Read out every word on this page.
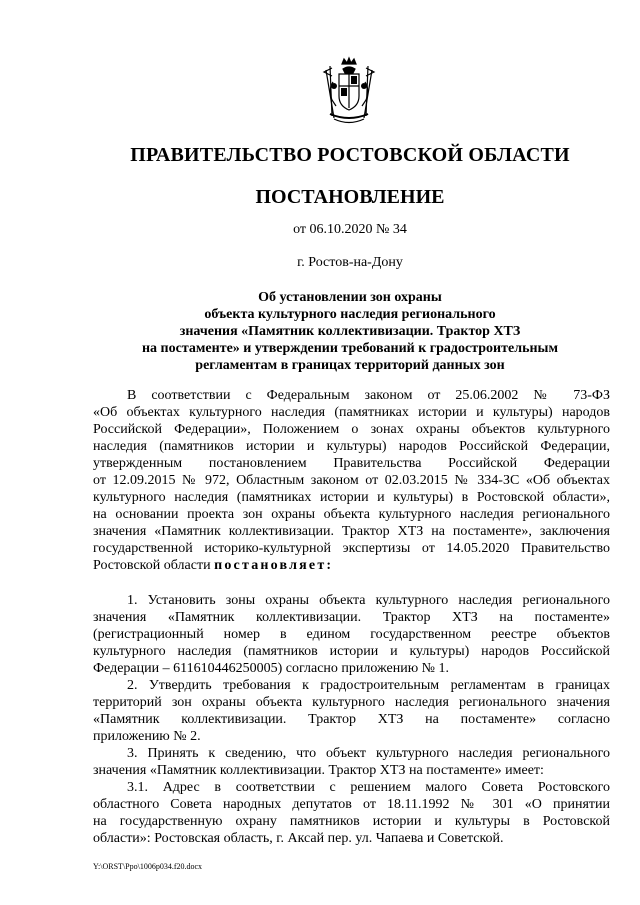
ПРАВИТЕЛЬСТВО РОСТОВСКОЙ ОБЛАСТИ
ПОСТАНОВЛЕНИЕ
от 06.10.2020 № 34
г. Ростов-на-Дону
Об установлении зон охраны
объекта культурного наследия регионального
значения «Памятник коллективизации. Трактор ХТЗ
на постаменте» и утверждении требований к градостроительным
регламентам в границах территорий данных зон
В соответствии с Федеральным законом от 25.06.2002 № 73-ФЗ
«Об объектах культурного наследия (памятниках истории и культуры) народов
Российской Федерации», Положением о зонах охраны объектов культурного
наследия (памятников истории и культуры) народов Российской Федерации,
утвержденным постановлением Правительства Российской Федерации
от 12.09.2015 № 972, Областным законом от 02.03.2015 № 334-ЗС «Об объектах
культурного наследия (памятниках истории и культуры) в Ростовской области»,
на основании проекта зон охраны объекта культурного наследия регионального
значения «Памятник коллективизации. Трактор ХТЗ на постаменте», заключения
государственной историко-культурной экспертизы от 14.05.2020 Правительство
Ростовской области постановляет:
1. Установить зоны охраны объекта культурного наследия регионального
значения «Памятник коллективизации. Трактор ХТЗ на постаменте»
(регистрационный номер в едином государственном реестре объектов
культурного наследия (памятников истории и культуры) народов Российской
Федерации – 611610446250005) согласно приложению № 1.
2. Утвердить требования к градостроительным регламентам в границах
территорий зон охраны объекта культурного наследия регионального значения
«Памятник коллективизации. Трактор ХТЗ на постаменте» согласно
приложению № 2.
3. Принять к сведению, что объект культурного наследия регионального
значения «Памятник коллективизации. Трактор ХТЗ на постаменте» имеет:
3.1. Адрес в соответствии с решением малого Совета Ростовского
областного Совета народных депутатов от 18.11.1992 № 301 «О принятии
на государственную охрану памятников истории и культуры в Ростовской
области»: Ростовская область, г. Аксай пер. ул. Чапаева и Советской.
Y:\ORST\Ppo\1006p034.f20.docx
